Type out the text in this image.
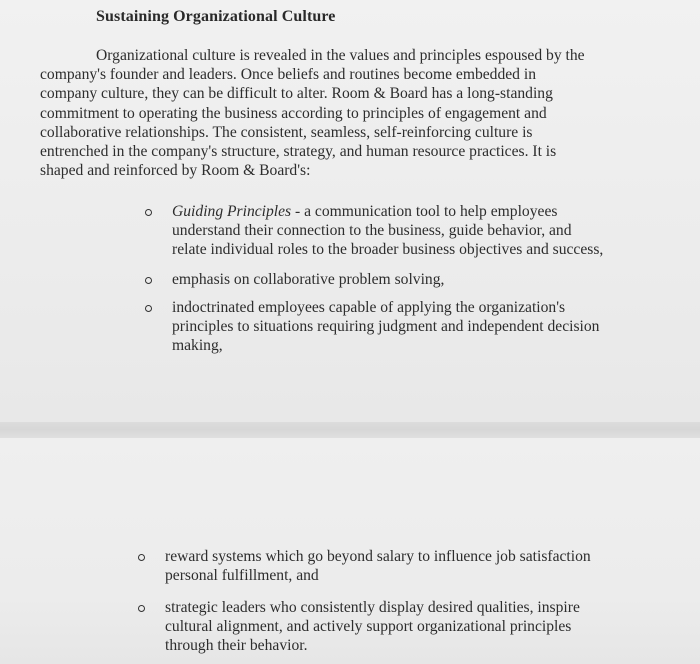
Sustaining Organizational Culture
Organizational culture is revealed in the values and principles espoused by the
company's founder and leaders. Once beliefs and routines become embedded in
company culture, they can be difficult to alter. Room & Board has a long-standing
commitment to operating the business according to principles of engagement and
collaborative relationships. The consistent, seamless, self-reinforcing culture is
entrenched in the company's structure, strategy, and human resource practices. It is
shaped and reinforced by Room & Board's:
Guiding Principles - a communication tool to help employees
understand their connection to the business, guide behavior, and
relate individual roles to the broader business objectives and success,
emphasis on collaborative problem solving,
indoctrinated employees capable of applying the organization's
principles to situations requiring judgment and independent decision
making,
reward systems which go beyond salary to influence job satisfaction
personal fulfillment, and
strategic leaders who consistently display desired qualities, inspire
cultural alignment, and actively support organizational principles
through their behavior.
